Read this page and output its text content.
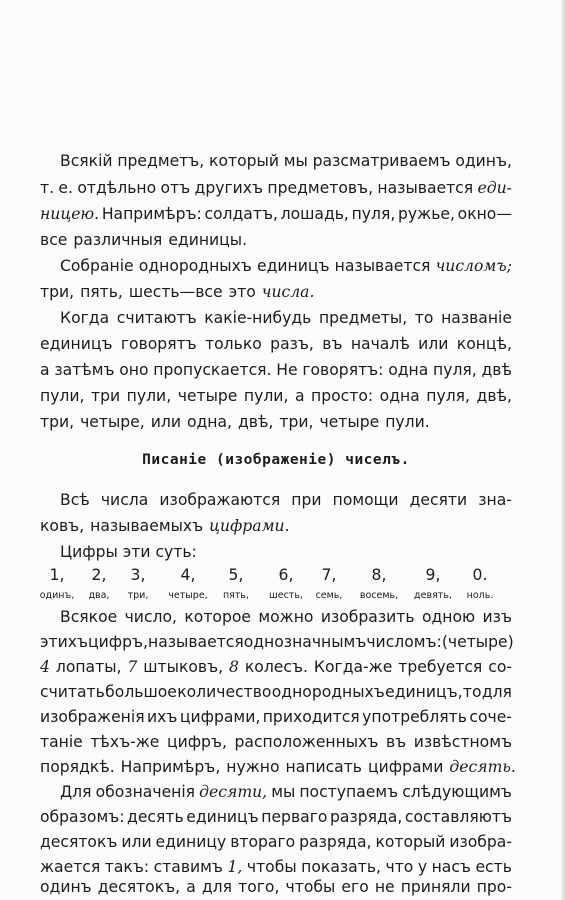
Всякій предметъ, который мы разсматриваемъ одинъ,
т. е. отдѣльно отъ другихъ предметовъ, называется еди-
ницею. Напримѣръ: солдатъ, лошадь, пуля, ружье, окно—
все различныя единицы.
Собраніе однородныхъ единицъ называется числомъ;
три, пять, шесть—все это числа.
Когда считаютъ какіе-нибудь предметы, то названіе
единицъ говорятъ только разъ, въ началѣ или концѣ,
а затѣмъ оно пропускается. Не говорятъ: одна пуля, двѣ
пули, три пули, четыре пули, а просто: одна пуля, двѣ,
три, четыре, или одна, двѣ, три, четыре пули.
Писаніе (изображеніе) чиселъ.
Всѣ числа изображаются при помощи десяти зна-
ковъ, называемыхъ цифрами.
Цифры эти суть:
1, 2, 3, 4, 5, 6, 7, 8,	9, 0.
одинъ, два, три, четыре, пять, шесть, семь, восемь, девять, ноль.
Всякое число, которое можно изобразить одною изъ
этихъ цифръ, называется однозначнымъ числомъ: (четыре)
4 лопаты, 7 штыковъ, 8 колесъ. Когда-же требуется со-
считать большое количество однородныхъ единицъ, то для
изображенія ихъ цифрами, приходится употреблять соче-
таніе тѣхъ-же цифръ, расположенныхъ въ извѣстномъ
порядкѣ. Напримѣръ, нужно написать цифрами десять.
Для обозначенія десяти, мы поступаемъ слѣдующимъ
образомъ: десять единицъ перваго разряда, составляютъ
десятокъ или единицу втораго разряда, который изобра-
жается такъ: ставимъ 1, чтобы показать, что у насъ есть
одинъ десятокъ, а для того, чтобы его не приняли про-
